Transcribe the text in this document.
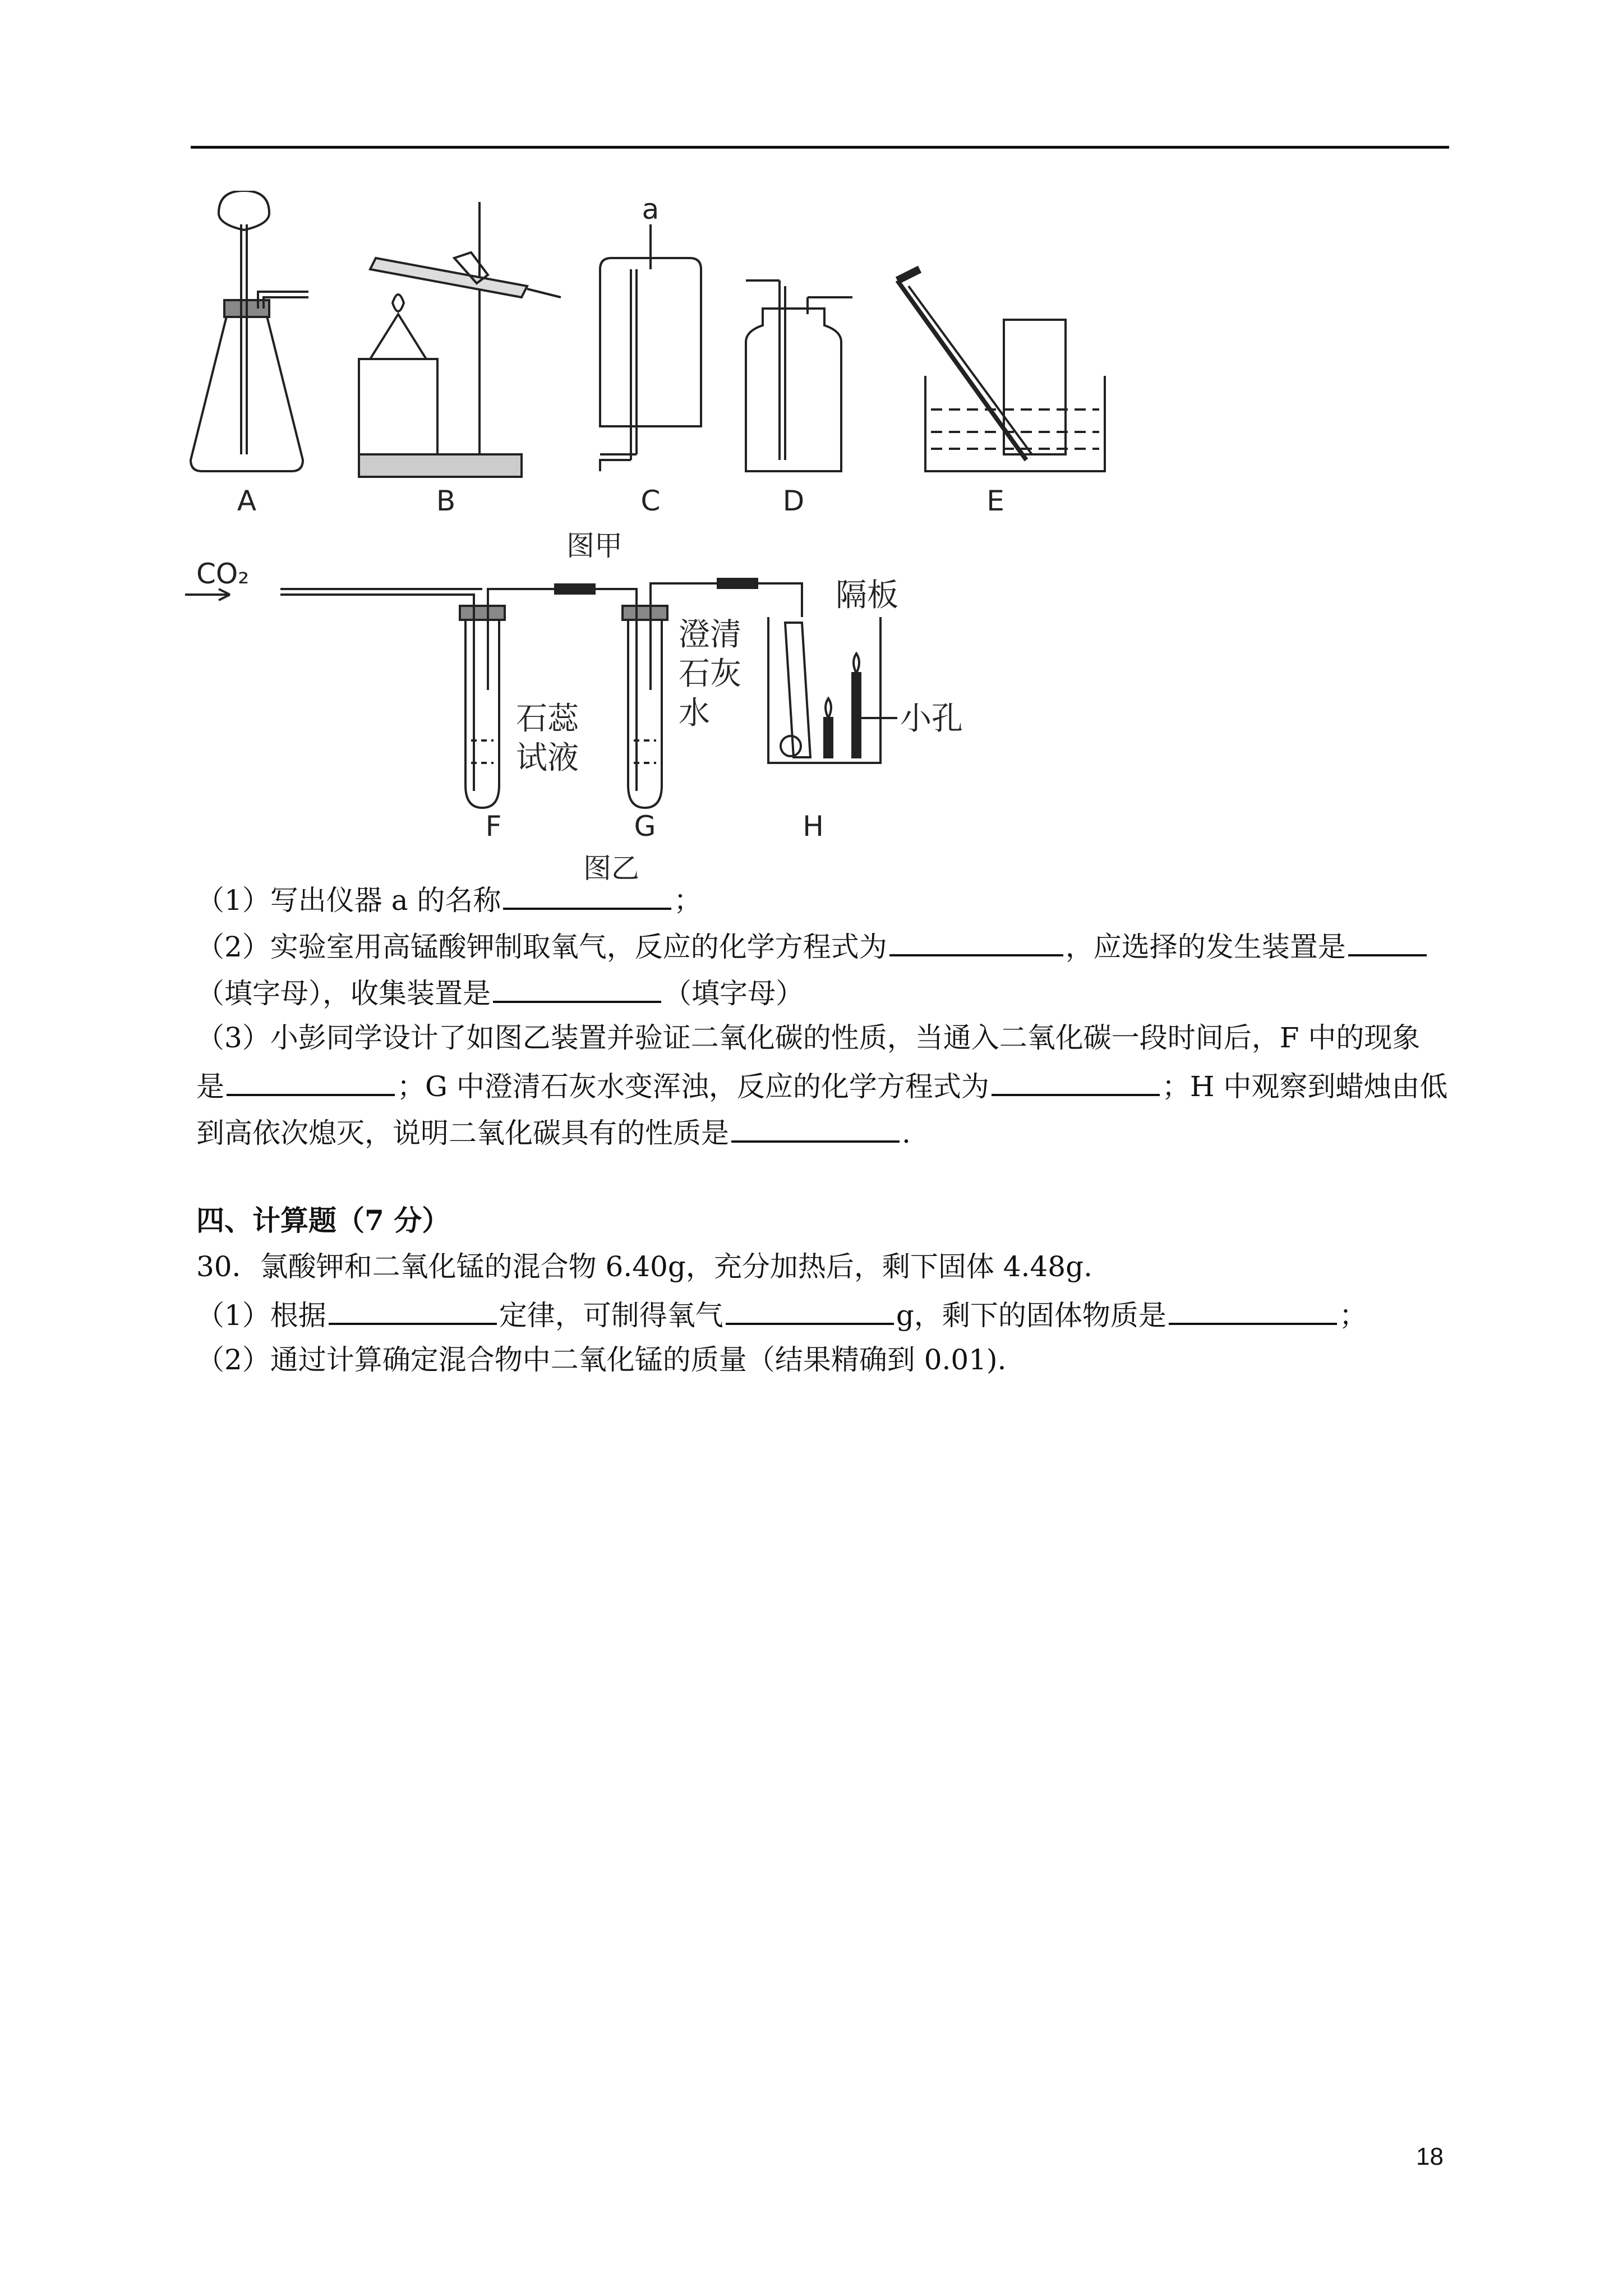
A	B	C	D	E
a
图甲
CO₂
石蕊
试液
澄清
石灰
水
隔板
小孔
F	G	H
图乙
（1）写出仪器 a 的名称	；
（2）实验室用高锰酸钾制取氧气，反应的化学方程式为	，应选择的发生装置是
（填字母），收集装置是	（填字母）
（3）小彭同学设计了如图乙装置并验证二氧化碳的性质，当通入二氧化碳一段时间后，F 中的现象
是	；G 中澄清石灰水变浑浊，反应的化学方程式为	；H 中观察到蜡烛由低
到高依次熄灭，说明二氧化碳具有的性质是	.
四、计算题（7 分）
30．氯酸钾和二氧化锰的混合物 6.40g，充分加热后，剩下固体 4.48g.
（1）根据	定律，可制得氧气	g，剩下的固体物质是	；
（2）通过计算确定混合物中二氧化锰的质量（结果精确到 0.01).
18
